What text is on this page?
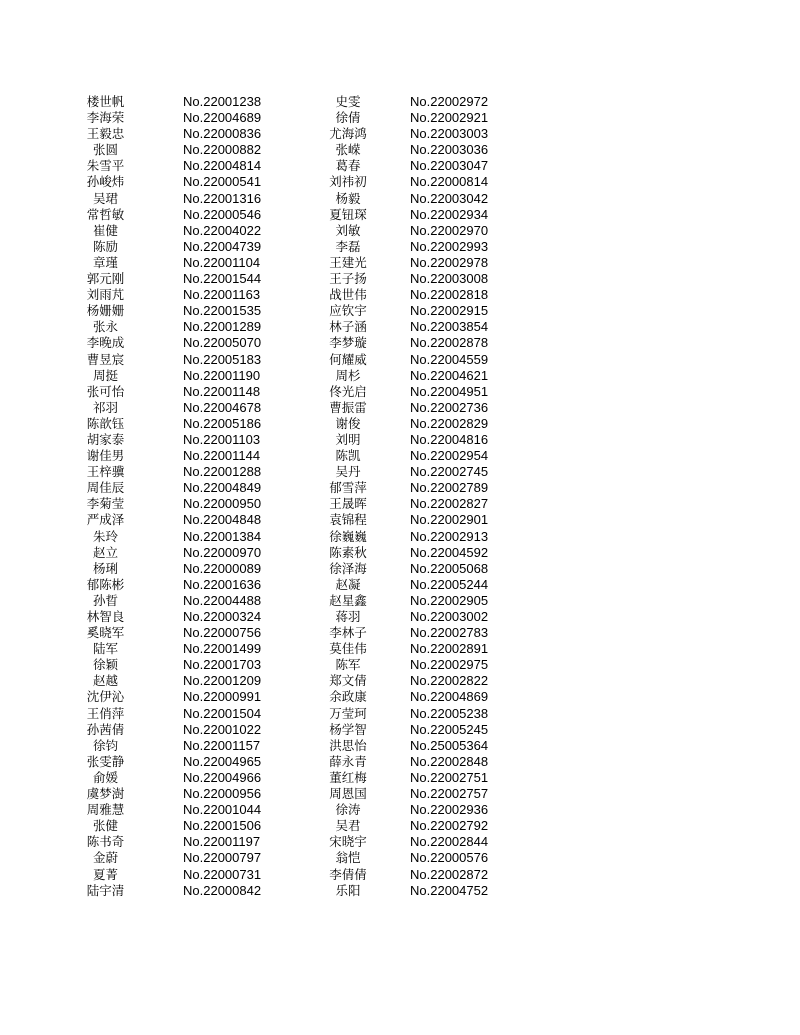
楼世帆	No.22001238	史雯	No.22002972
李海荣	No.22004689	徐倩	No.22002921
王毅忠	No.22000836	尤海鸿	No.22003003
张圆	No.22000882	张嵘	No.22003036
朱雪平	No.22004814	葛春	No.22003047
孙峻炜	No.22000541	刘祎初	No.22000814
吴珺	No.22001316	杨毅	No.22003042
常哲敏	No.22000546	夏钮琛	No.22002934
崔健	No.22004022	刘敏	No.22002970
陈励	No.22004739	李磊	No.22002993
章瑾	No.22001104	王建光	No.22002978
郭元刚	No.22001544	王子扬	No.22003008
刘雨芃	No.22001163	战世伟	No.22002818
杨姗姗	No.22001535	应钦宇	No.22002915
张永	No.22001289	林子涵	No.22003854
李晚成	No.22005070	李梦璇	No.22002878
曹昱宸	No.22005183	何耀威	No.22004559
周挺	No.22001190	周杉	No.22004621
张可怡	No.22001148	佟光启	No.22004951
祁羽	No.22004678	曹振雷	No.22002736
陈歆钰	No.22005186	谢俊	No.22002829
胡家泰	No.22001103	刘明	No.22004816
谢佳男	No.22001144	陈凯	No.22002954
王梓骥	No.22001288	吴丹	No.22002745
周佳辰	No.22004849	郁雪萍	No.22002789
李菊莹	No.22000950	王晟晖	No.22002827
严成泽	No.22004848	袁锦程	No.22002901
朱玲	No.22001384	徐巍巍	No.22002913
赵立	No.22000970	陈素秋	No.22004592
杨琍	No.22000089	徐泽海	No.22005068
郁陈彬	No.22001636	赵凝	No.22005244
孙晢	No.22004488	赵星鑫	No.22002905
林智良	No.22000324	蒋羽	No.22003002
奚晓军	No.22000756	李林子	No.22002783
陆军	No.22001499	莫佳伟	No.22002891
徐颖	No.22001703	陈军	No.22002975
赵越	No.22001209	郑文倩	No.22002822
沈伊沁	No.22000991	余政康	No.22004869
王俏萍	No.22001504	万莹珂	No.22005238
孙茜倩	No.22001022	杨学智	No.22005245
徐钧	No.22001157	洪思怡	No.25005364
张雯静	No.22004965	薛永青	No.22002848
俞媛	No.22004966	董红梅	No.22002751
虞梦澍	No.22000956	周恩国	No.22002757
周雅慧	No.22001044	徐涛	No.22002936
张健	No.22001506	吴君	No.22002792
陈书奇	No.22001197	宋晓宇	No.22002844
金蔚	No.22000797	翁恺	No.22000576
夏菁	No.22000731	李倩倩	No.22002872
陆宇清	No.22000842	乐阳	No.22004752
